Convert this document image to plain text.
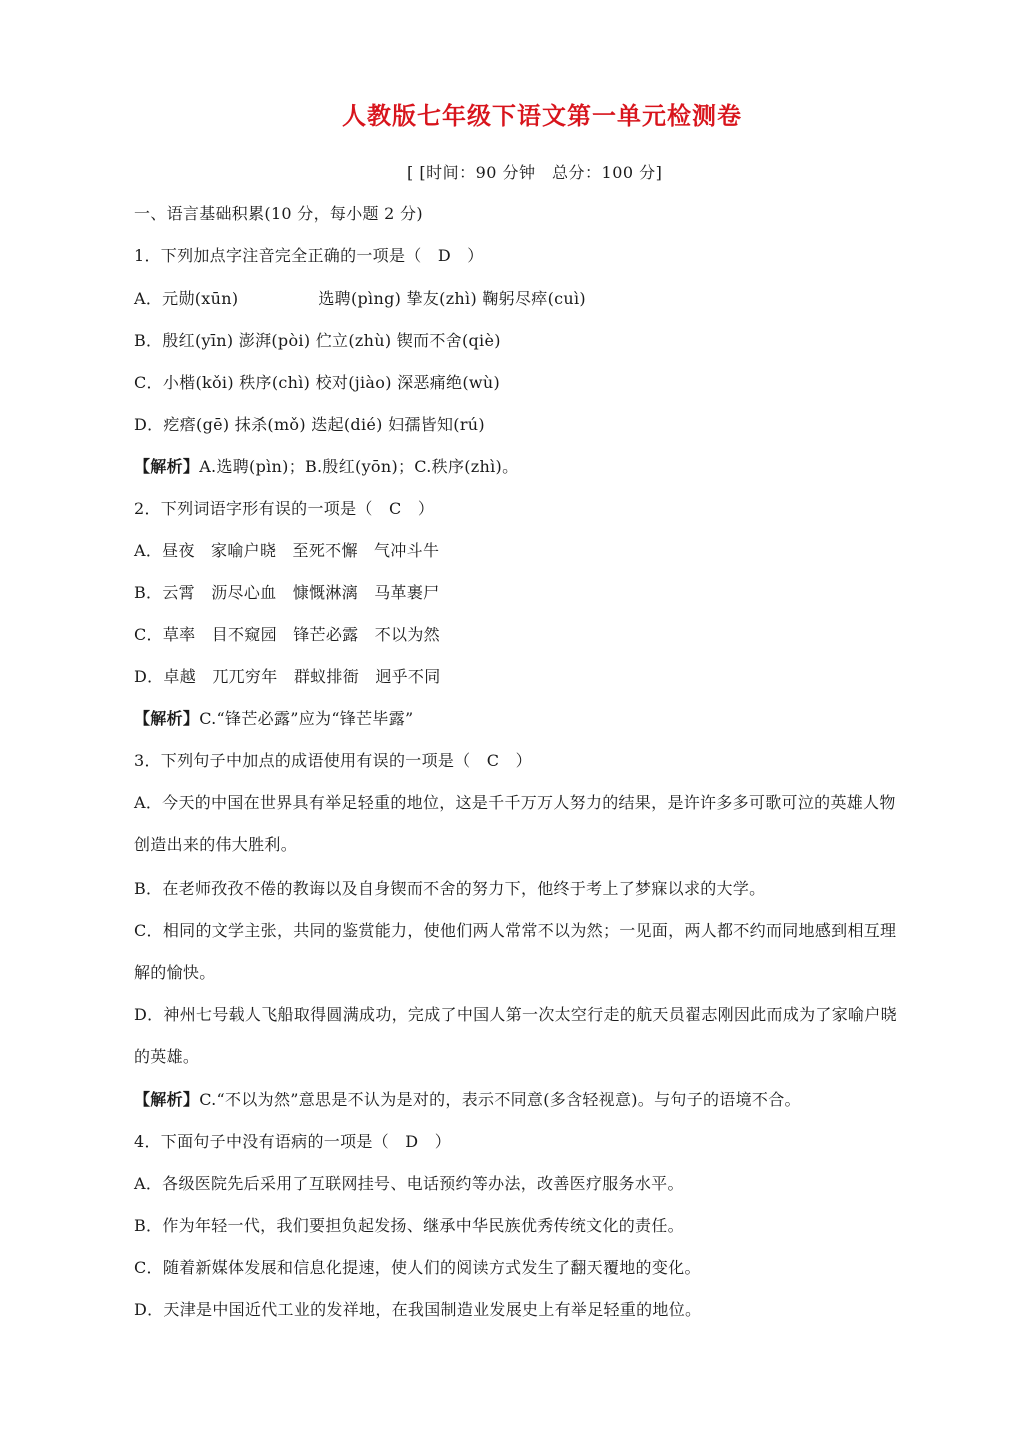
人教版七年级下语文第一单元检测卷
[ [时间：90 分钟　总分：100 分]
一、语言基础积累(10 分，每小题 2 分)
1．下列加点字注音完全正确的一项是（　D　）
A．元勋(xūn)	选聘(pìng) 挚友(zhì) 鞠躬尽瘁(cuì)
B．殷红(yīn) 澎湃(pòi) 伫立(zhù) 锲而不舍(qiè)
C．小楷(kǒi) 秩序(chì) 校对(jiào) 深恶痛绝(wù)
D．疙瘩(gē) 抹杀(mǒ) 迭起(dié) 妇孺皆知(rú)
【解析】A.选聘(pìn)；B.殷红(yōn)；C.秩序(zhì)。
2．下列词语字形有误的一项是（　C　）
A．昼夜　家喻户晓　至死不懈　气冲斗牛
B．云霄　沥尽心血　慷慨淋漓　马革裹尸
C．草率　目不窥园　锋芒必露　不以为然
D．卓越　兀兀穷年　群蚁排衙　迥乎不同
【解析】C.“锋芒必露”应为“锋芒毕露”
3．下列句子中加点的成语使用有误的一项是（　C　）
A．今天的中国在世界具有举足轻重的地位，这是千千万万人努力的结果，是许许多多可歌可泣的英雄人物创造出来的伟大胜利。
B．在老师孜孜不倦的教诲以及自身锲而不舍的努力下，他终于考上了梦寐以求的大学。
C．相同的文学主张，共同的鉴赏能力，使他们两人常常不以为然；一见面，两人都不约而同地感到相互理解的愉快。
D．神州七号载人飞船取得圆满成功，完成了中国人第一次太空行走的航天员翟志刚因此而成为了家喻户晓的英雄。
【解析】C.“不以为然”意思是不认为是对的，表示不同意(多含轻视意)。与句子的语境不合。
4．下面句子中没有语病的一项是（　D　）
A．各级医院先后采用了互联网挂号、电话预约等办法，改善医疗服务水平。
B．作为年轻一代，我们要担负起发扬、继承中华民族优秀传统文化的责任。
C．随着新媒体发展和信息化提速，使人们的阅读方式发生了翻天覆地的变化。
D．天津是中国近代工业的发祥地，在我国制造业发展史上有举足轻重的地位。
